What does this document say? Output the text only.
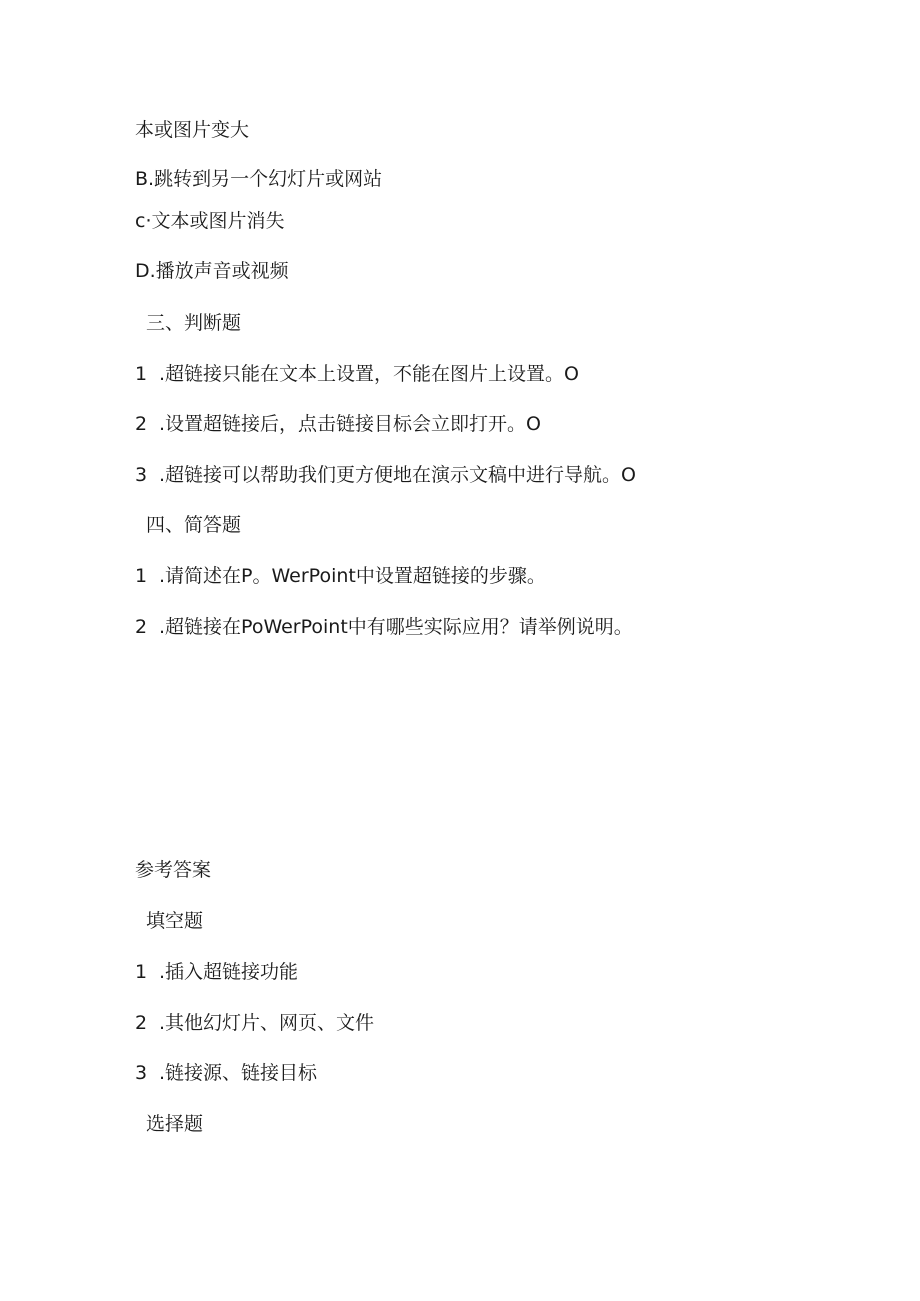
本或图片变大
B.跳转到另一个幻灯片或网站
c·文本或图片消失
D.播放声音或视频
三、判断题
1 .超链接只能在文本上设置，不能在图片上设置。O
2 .设置超链接后，点击链接目标会立即打开。O
3 .超链接可以帮助我们更方便地在演示文稿中进行导航。O
四、简答题
1 .请简述在P。WerPoint中设置超链接的步骤。
2 .超链接在PoWerPoint中有哪些实际应用？请举例说明。
参考答案
填空题
1 .插入超链接功能
2 .其他幻灯片、网页、文件
3 .链接源、链接目标
选择题
